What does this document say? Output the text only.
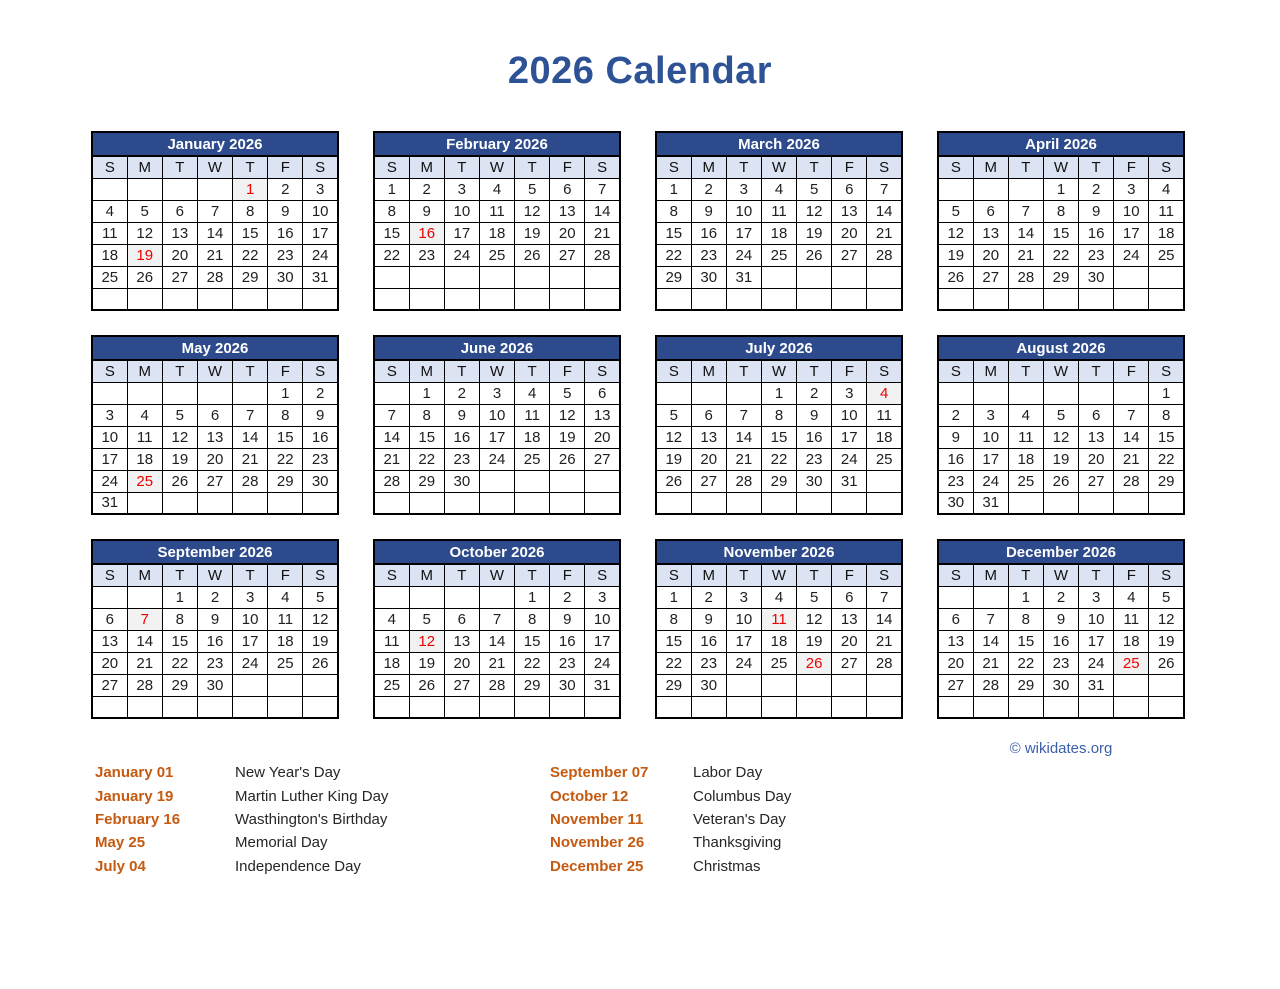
2026 Calendar
January 2026						
S	M	T	W	T	F	S
				1	2	3
4	5	6	7	8	9	10
11	12	13	14	15	16	17
18	19	20	21	22	23	24
25	26	27	28	29	30	31

February 2026						
S	M	T	W	T	F	S
1	2	3	4	5	6	7
8	9	10	11	12	13	14
15	16	17	18	19	20	21
22	23	24	25	26	27	28

March 2026						
S	M	T	W	T	F	S
1	2	3	4	5	6	7
8	9	10	11	12	13	14
15	16	17	18	19	20	21
22	23	24	25	26	27	28
29	30	31				

April 2026						
S	M	T	W	T	F	S
			1	2	3	4
5	6	7	8	9	10	11
12	13	14	15	16	17	18
19	20	21	22	23	24	25
26	27	28	29	30		

May 2026						
S	M	T	W	T	F	S
					1	2
3	4	5	6	7	8	9
10	11	12	13	14	15	16
17	18	19	20	21	22	23
24	25	26	27	28	29	30
31						
June 2026						
S	M	T	W	T	F	S
	1	2	3	4	5	6
7	8	9	10	11	12	13
14	15	16	17	18	19	20
21	22	23	24	25	26	27
28	29	30				

July 2026						
S	M	T	W	T	F	S
			1	2	3	4
5	6	7	8	9	10	11
12	13	14	15	16	17	18
19	20	21	22	23	24	25
26	27	28	29	30	31	

August 2026						
S	M	T	W	T	F	S
						1
2	3	4	5	6	7	8
9	10	11	12	13	14	15
16	17	18	19	20	21	22
23	24	25	26	27	28	29
30	31					
September 2026						
S	M	T	W	T	F	S
		1	2	3	4	5
6	7	8	9	10	11	12
13	14	15	16	17	18	19
20	21	22	23	24	25	26
27	28	29	30			

October 2026						
S	M	T	W	T	F	S
				1	2	3
4	5	6	7	8	9	10
11	12	13	14	15	16	17
18	19	20	21	22	23	24
25	26	27	28	29	30	31

November 2026						
S	M	T	W	T	F	S
1	2	3	4	5	6	7
8	9	10	11	12	13	14
15	16	17	18	19	20	21
22	23	24	25	26	27	28
29	30					

December 2026						
S	M	T	W	T	F	S
		1	2	3	4	5
6	7	8	9	10	11	12
13	14	15	16	17	18	19
20	21	22	23	24	25	26
27	28	29	30	31		

© wikidates.org
January 01	New Year's Day
January 19	Martin Luther King Day
February 16	Wasthington's Birthday
May 25	Memorial Day
July 04	Independence Day
September 07	Labor Day
October 12	Columbus Day
November 11	Veteran's Day
November 26	Thanksgiving
December 25	Christmas
